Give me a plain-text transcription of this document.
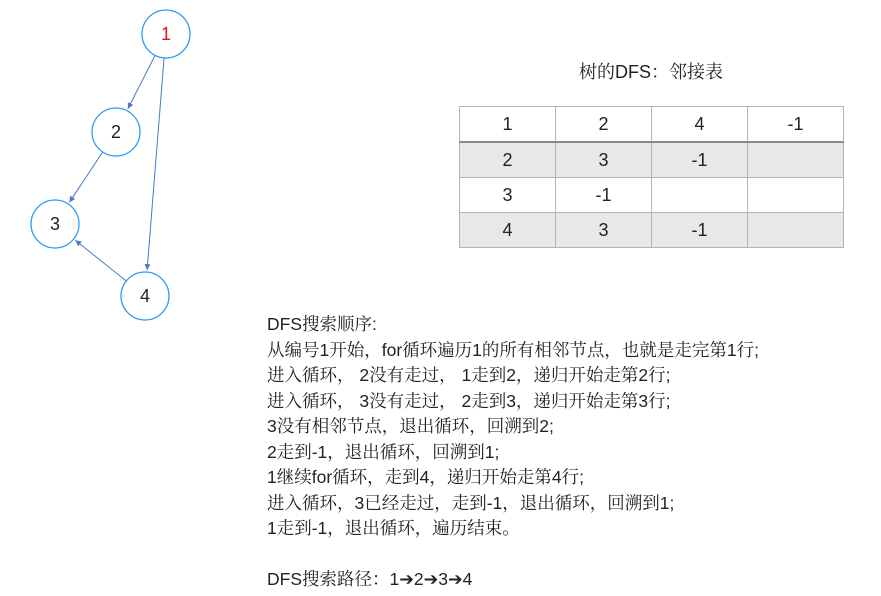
1
2
3
4
树的DFS：邻接表
1	2	4	-1
2	3	-1	
3	-1		
4	3	-1	
DFS搜索顺序:
从编号1开始，for循环遍历1的所有相邻节点，也就是走完第1行;
进入循环， 2没有走过， 1走到2，递归开始走第2行;
进入循环， 3没有走过， 2走到3，递归开始走第3行;
3没有相邻节点，退出循环，回溯到2;
2走到-1，退出循环，回溯到1;
1继续for循环，走到4，递归开始走第4行;
进入循环，3已经走过，走到-1，退出循环，回溯到1;
1走到-1，退出循环，遍历结束。
DFS搜索路径：1➔2➔3➔4
